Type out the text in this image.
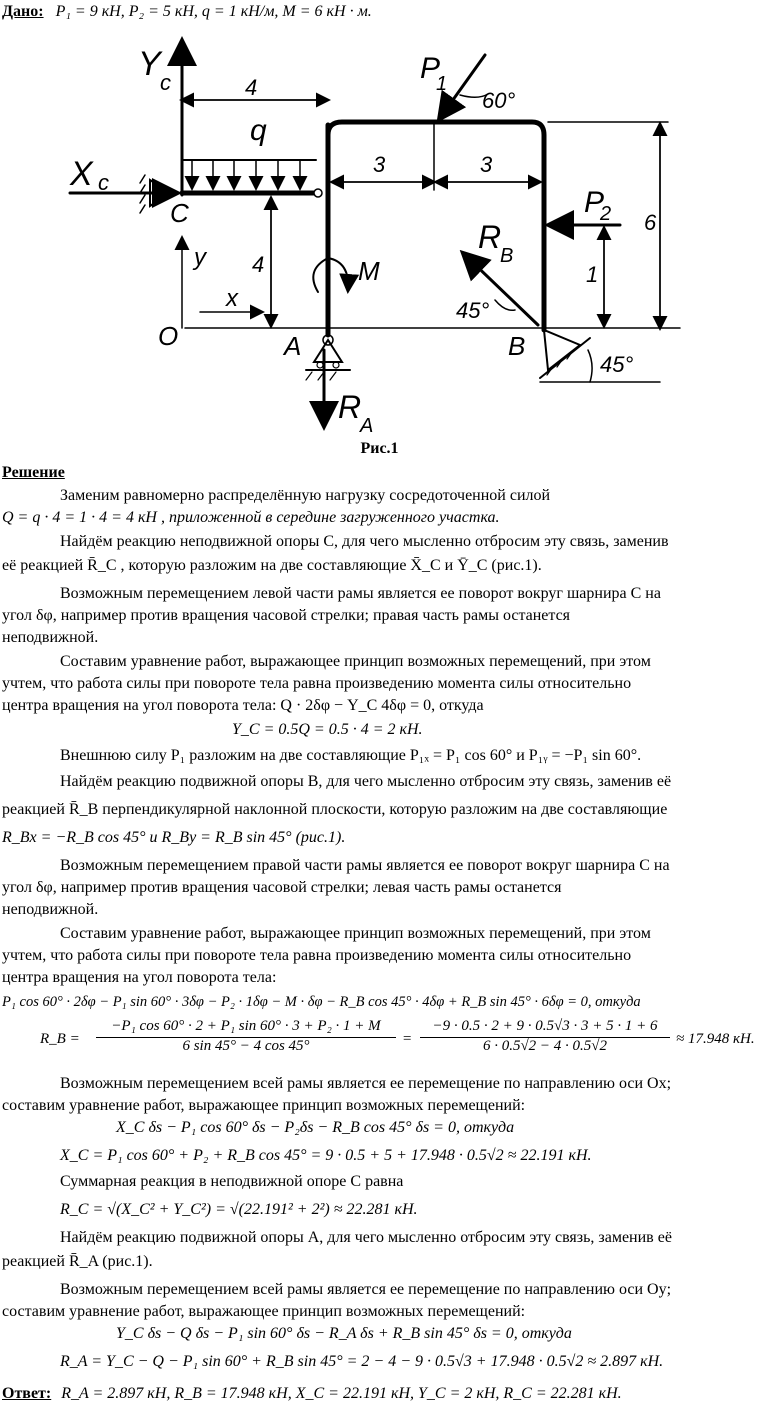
Дано: P₁ = 9 кН, P₂ = 5 кН, q = 1 кН/м, M = 6 кН · м.
Y c	4
q
X c
C
P
1
60°
3	3
6
R
B
P
2
y 4	M	1
45°
x
O	A	B
45°
R
A
Рис.1
Решение
Заменим равномерно распределённую нагрузку сосредоточенной силой
Q = q · 4 = 1 · 4 = 4 кН , приложенной в середине загруженного участка.
Найдём реакцию неподвижной опоры C, для чего мысленно отбросим эту связь, заменив
её реакцией R̄_C , которую разложим на две составляющие X̄_C и Ȳ_C (рис.1).
Возможным перемещением левой части рамы является ее поворот вокруг шарнира C на
угол δφ, например против вращения часовой стрелки; правая часть рамы останется
неподвижной.
Составим уравнение работ, выражающее принцип возможных перемещений, при этом
учтем, что работа силы при повороте тела равна произведению момента силы относительно
центра вращения на угол поворота тела: Q · 2δφ − Y_C 4δφ = 0, откуда
Y_C = 0.5Q = 0.5 · 4 = 2 кН.
Внешнюю силу P₁ разложим на две составляющие P₁ₓ = P₁ cos 60° и P₁ᵧ = −P₁ sin 60°.
Найдём реакцию подвижной опоры B, для чего мысленно отбросим эту связь, заменив её
реакцией R̄_B перпендикулярной наклонной плоскости, которую разложим на две составляющие
R_Bx = −R_B cos 45° и R_By = R_B sin 45° (рис.1).
Возможным перемещением правой части рамы является ее поворот вокруг шарнира C на
угол δφ, например против вращения часовой стрелки; левая часть рамы останется
неподвижной.
Составим уравнение работ, выражающее принцип возможных перемещений, при этом
учтем, что работа силы при повороте тела равна произведению момента силы относительно
центра вращения на угол поворота тела:
P₁ cos 60° · 2δφ − P₁ sin 60° · 3δφ − P₂ · 1δφ − M · δφ − R_B cos 45° · 4δφ + R_B sin 45° · 6δφ = 0, откуда
R_B =
−P₁ cos 60° · 2 + P₁ sin 60° · 3 + P₂ · 1 + M
6 sin 45° − 4 cos 45°	=
−9 · 0.5 · 2 + 9 · 0.5√3 · 3 + 5 · 1 + 6
6 · 0.5√2 − 4 · 0.5√2	≈ 17.948 кН.
Возможным перемещением всей рамы является ее перемещение по направлению оси Ox;
составим уравнение работ, выражающее принцип возможных перемещений:
X_C δs − P₁ cos 60° δs − P₂δs − R_B cos 45° δs = 0, откуда
X_C = P₁ cos 60° + P₂ + R_B cos 45° = 9 · 0.5 + 5 + 17.948 · 0.5√2 ≈ 22.191 кН.
Суммарная реакция в неподвижной опоре C равна
R_C = √(X_C² + Y_C²) = √(22.191² + 2²) ≈ 22.281 кН.
Найдём реакцию подвижной опоры A, для чего мысленно отбросим эту связь, заменив её
реакцией R̄_A (рис.1).
Возможным перемещением всей рамы является ее перемещение по направлению оси Oy;
составим уравнение работ, выражающее принцип возможных перемещений:
Y_C δs − Q δs − P₁ sin 60° δs − R_A δs + R_B sin 45° δs = 0, откуда
R_A = Y_C − Q − P₁ sin 60° + R_B sin 45° = 2 − 4 − 9 · 0.5√3 + 17.948 · 0.5√2 ≈ 2.897 кН.
Ответ: R_A = 2.897 кН, R_B = 17.948 кН, X_C = 22.191 кН, Y_C = 2 кН, R_C = 22.281 кН.
